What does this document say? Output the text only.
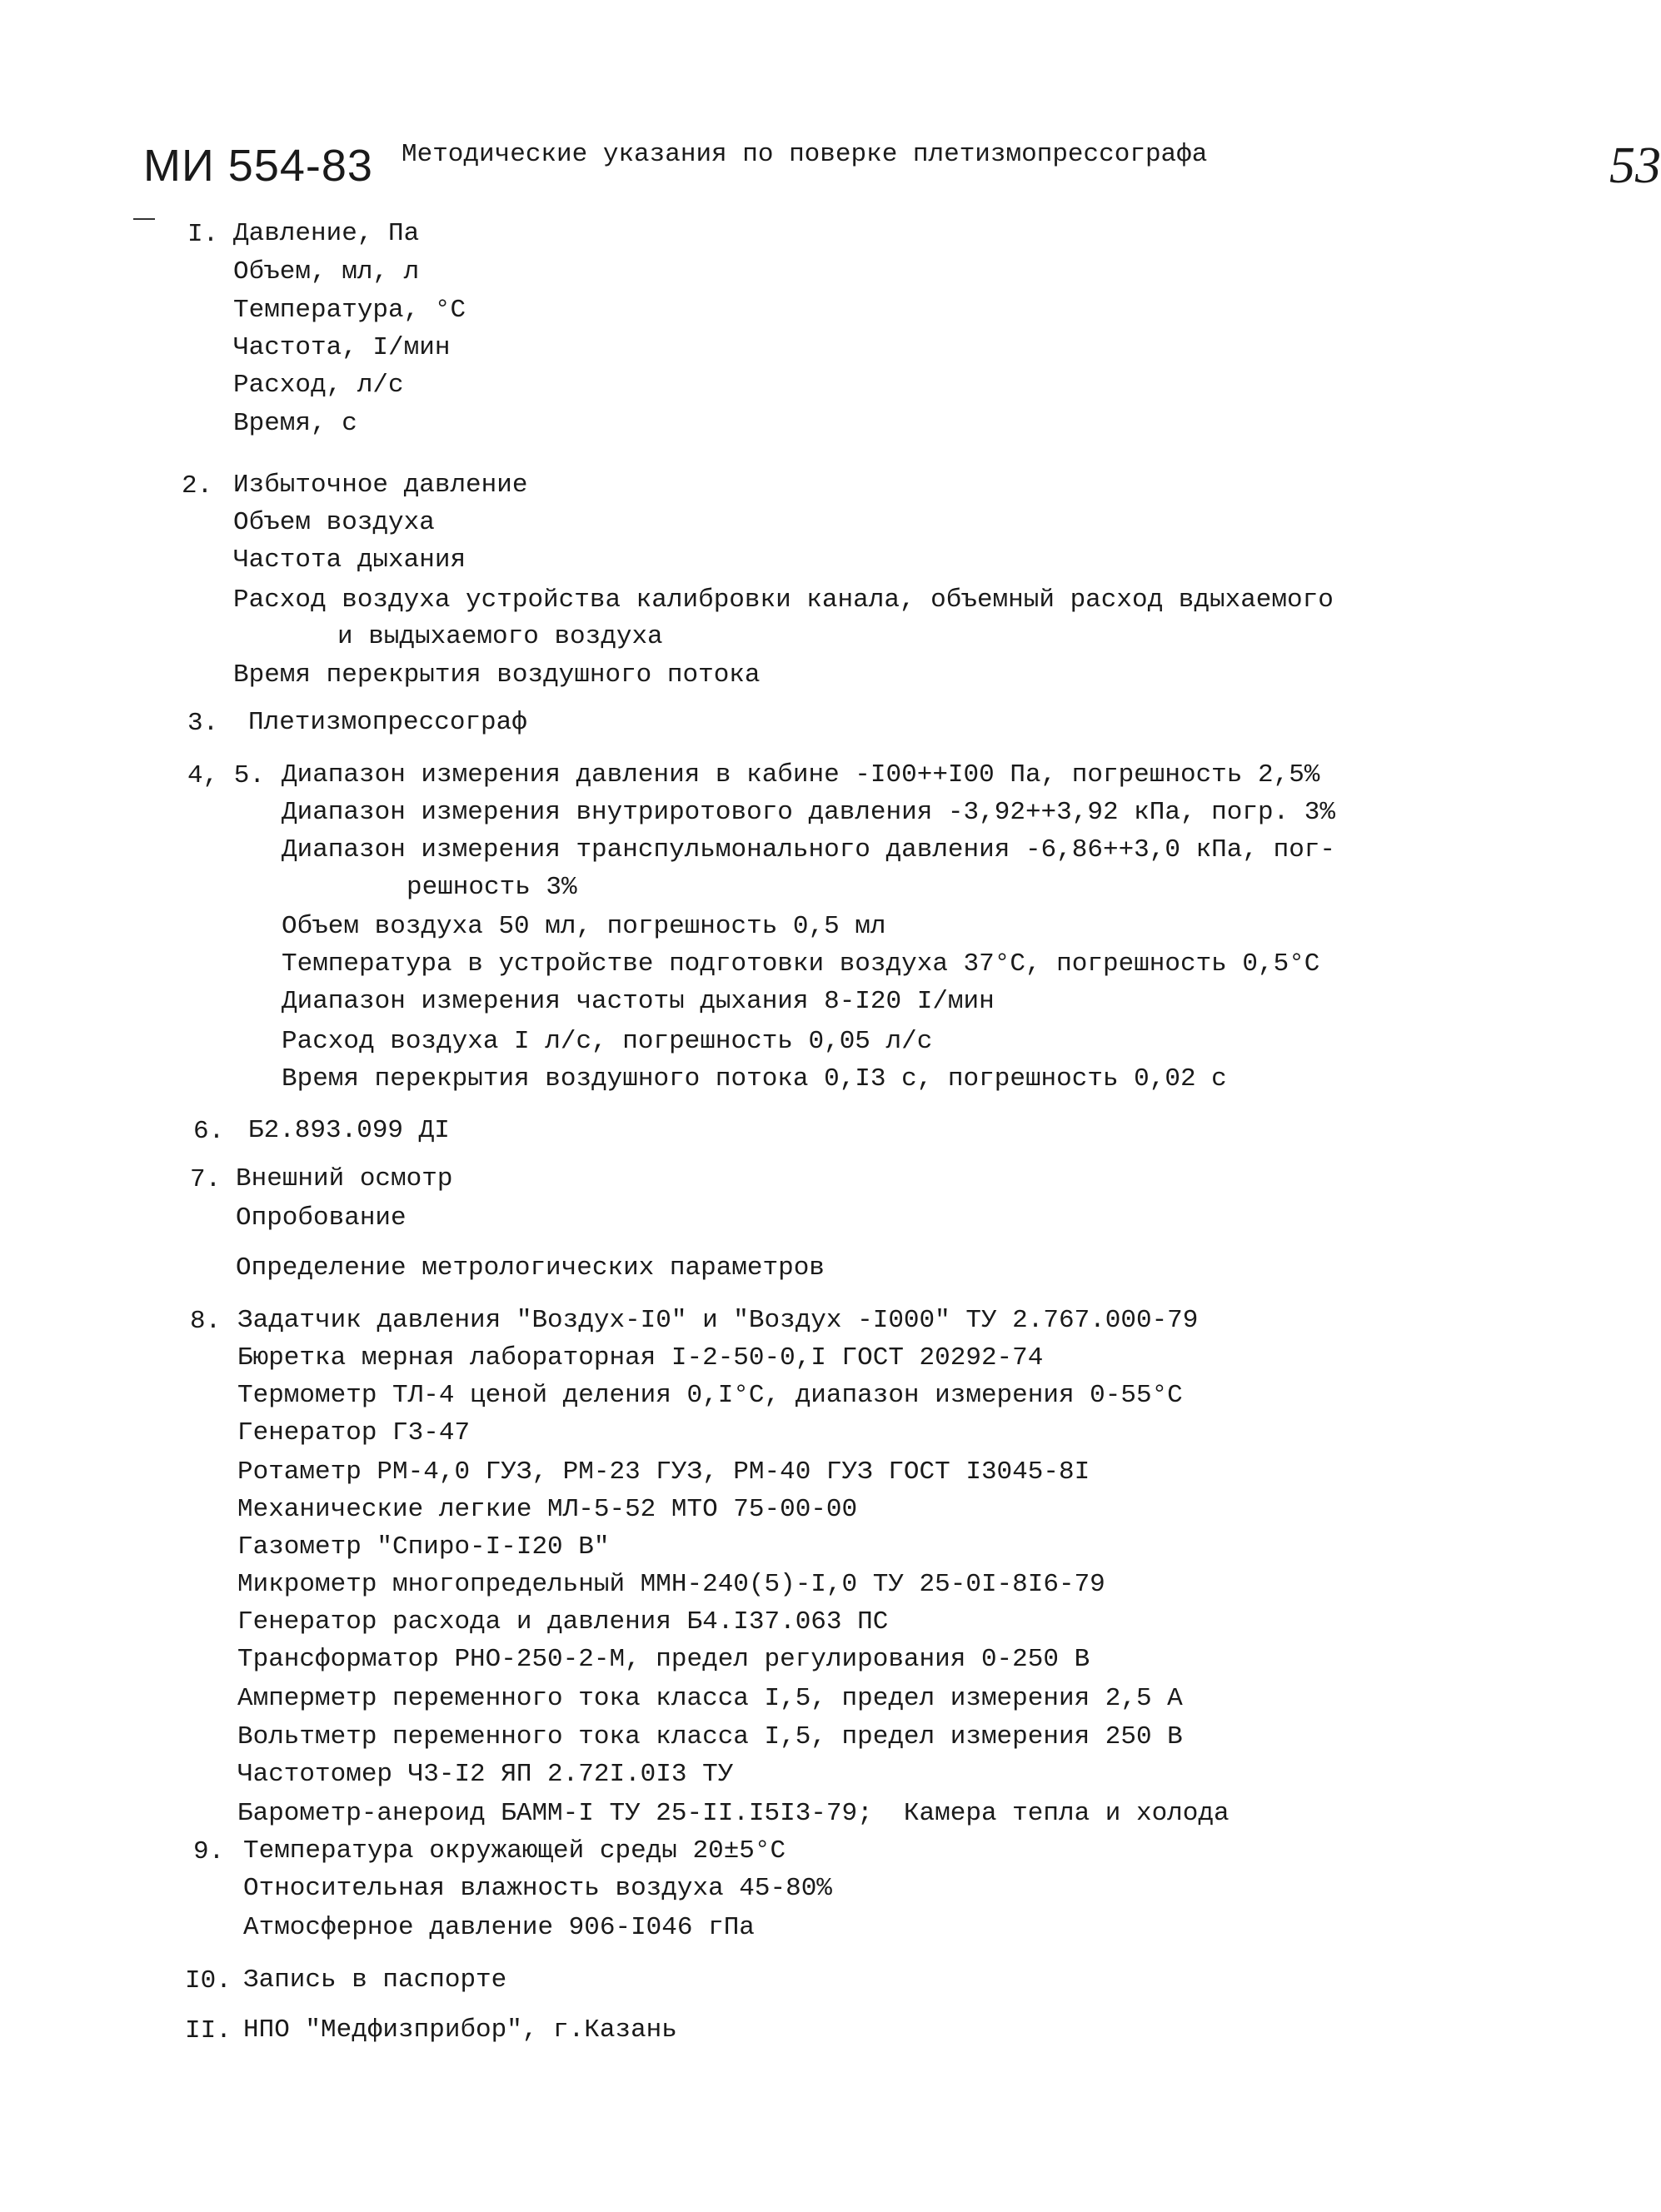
МИ 554-83 Методические указания по поверке плетизмопрессографа	53
I. Давление, Па
Объем, мл, л
Температура, °С
Частота, I/мин
Расход, л/с
Время, с
2. Избыточное давление
Объем воздуха
Частота дыхания
Расход воздуха устройства калибровки канала, объемный расход вдыхаемого
и выдыхаемого воздуха
Время перекрытия воздушного потока
3. Плетизмопрессограф
4, 5. Диапазон измерения давления в кабине -I00++I00 Па, погрешность 2,5%
Диапазон измерения внутриротового давления -3,92++3,92 кПа, погр. 3%
Диапазон измерения транспульмонального давления -6,86++3,0 кПа, пог-
решность 3%
Объем воздуха 50 мл, погрешность 0,5 мл
Температура в устройстве подготовки воздуха 37°С, погрешность 0,5°С
Диапазон измерения частоты дыхания 8-I20 I/мин
Расход воздуха I л/с, погрешность 0,05 л/с
Время перекрытия воздушного потока 0,I3 с, погрешность 0,02 с
6. Б2.893.099 ДI
7. Внешний осмотр
Опробование
Определение метрологических параметров
8. Задатчик давления "Воздух-I0" и "Воздух -I000" ТУ 2.767.000-79
Бюретка мерная лабораторная I-2-50-0,I ГОСТ 20292-74
Термометр ТЛ-4 ценой деления 0,I°С, диапазон измерения 0-55°С
Генератор Г3-47
Ротаметр РМ-4,0 ГУЗ, РМ-23 ГУЗ, РМ-40 ГУЗ ГОСТ I3045-8I
Механические легкие МЛ-5-52 МТО 75-00-00
Газометр "Спиро-I-I20 В"
Микрометр многопредельный ММН-240(5)-I,0 ТУ 25-0I-8I6-79
Генератор расхода и давления Б4.I37.063 ПС
Трансформатор РНО-250-2-М, предел регулирования 0-250 В
Амперметр переменного тока класса I,5, предел измерения 2,5 А
Вольтметр переменного тока класса I,5, предел измерения 250 В
Частотомер Ч3-I2 ЯП 2.72I.0I3 ТУ
Барометр-анероид БАММ-I ТУ 25-II.I5I3-79;  Камера тепла и холода
9. Температура окружающей среды 20±5°С
Относительная влажность воздуха 45-80%
Атмосферное давление 906-I046 гПа
I0. Запись в паспорте
II. НПО "Медфизприбор", г.Казань
